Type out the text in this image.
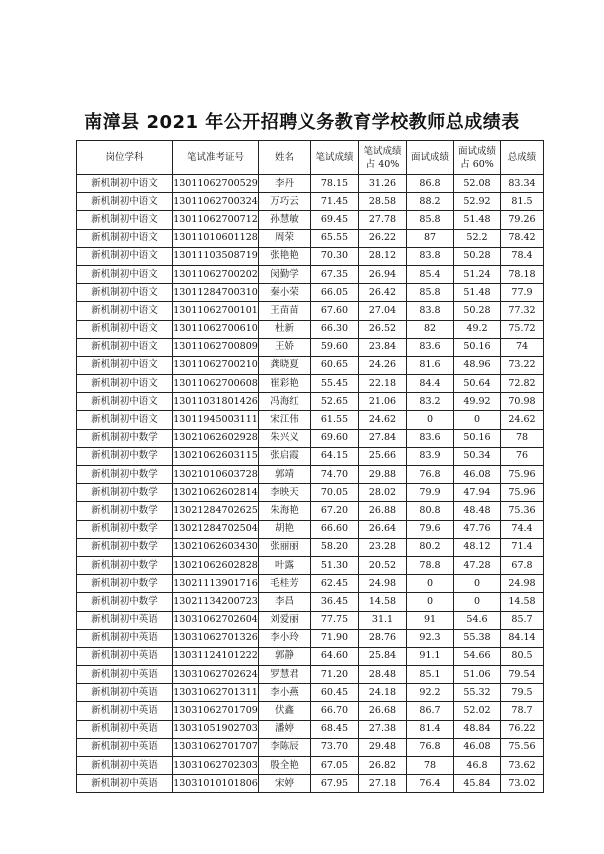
南漳县 2021 年公开招聘义务教育学校教师总成绩表
岗位学科	笔试准考证号	姓名	笔试成绩	笔试成绩占 40%	面试成绩	面试成绩占 60%	总成绩
新机制初中语文	13011062700529	李丹	78.15	31.26	86.8	52.08	83.34
新机制初中语文	13011062700324	万巧云	71.45	28.58	88.2	52.92	81.5
新机制初中语文	13011062700712	孙慧敏	69.45	27.78	85.8	51.48	79.26
新机制初中语文	13011010601128	周荣	65.55	26.22	87	52.2	78.42
新机制初中语文	13011103508719	张艳艳	70.30	28.12	83.8	50.28	78.4
新机制初中语文	13011062700202	闵勤学	67.35	26.94	85.4	51.24	78.18
新机制初中语文	13011284700310	秦小荣	66.05	26.42	85.8	51.48	77.9
新机制初中语文	13011062700101	王苗苗	67.60	27.04	83.8	50.28	77.32
新机制初中语文	13011062700610	杜新	66.30	26.52	82	49.2	75.72
新机制初中语文	13011062700809	王娇	59.60	23.84	83.6	50.16	74
新机制初中语文	13011062700210	龚晓夏	60.65	24.26	81.6	48.96	73.22
新机制初中语文	13011062700608	崔彩艳	55.45	22.18	84.4	50.64	72.82
新机制初中语文	13011031801426	冯海红	52.65	21.06	83.2	49.92	70.98
新机制初中语文	13011945003111	宋江伟	61.55	24.62	0	0	24.62
新机制初中数学	13021062602928	朱兴义	69.60	27.84	83.6	50.16	78
新机制初中数学	13021062603115	张启霞	64.15	25.66	83.9	50.34	76
新机制初中数学	13021010603728	郭靖	74.70	29.88	76.8	46.08	75.96
新机制初中数学	13021062602814	李映天	70.05	28.02	79.9	47.94	75.96
新机制初中数学	13021284702625	朱海艳	67.20	26.88	80.8	48.48	75.36
新机制初中数学	13021284702504	胡艳	66.60	26.64	79.6	47.76	74.4
新机制初中数学	13021062603430	张丽丽	58.20	23.28	80.2	48.12	71.4
新机制初中数学	13021062602828	叶露	51.30	20.52	78.8	47.28	67.8
新机制初中数学	13021113901716	毛桂芳	62.45	24.98	0	0	24.98
新机制初中数学	13021134200723	李昌	36.45	14.58	0	0	14.58
新机制初中英语	13031062702604	刘爱丽	77.75	31.1	91	54.6	85.7
新机制初中英语	13031062701326	李小玲	71.90	28.76	92.3	55.38	84.14
新机制初中英语	13031124101222	郭静	64.60	25.84	91.1	54.66	80.5
新机制初中英语	13031062702624	罗慧君	71.20	28.48	85.1	51.06	79.54
新机制初中英语	13031062701311	李小燕	60.45	24.18	92.2	55.32	79.5
新机制初中英语	13031062701709	伏鑫	66.70	26.68	86.7	52.02	78.7
新机制初中英语	13031051902703	潘婷	68.45	27.38	81.4	48.84	76.22
新机制初中英语	13031062701707	李陈辰	73.70	29.48	76.8	46.08	75.56
新机制初中英语	13031062702303	殷全艳	67.05	26.82	78	46.8	73.62
新机制初中英语	13031010101806	宋婷	67.95	27.18	76.4	45.84	73.02
